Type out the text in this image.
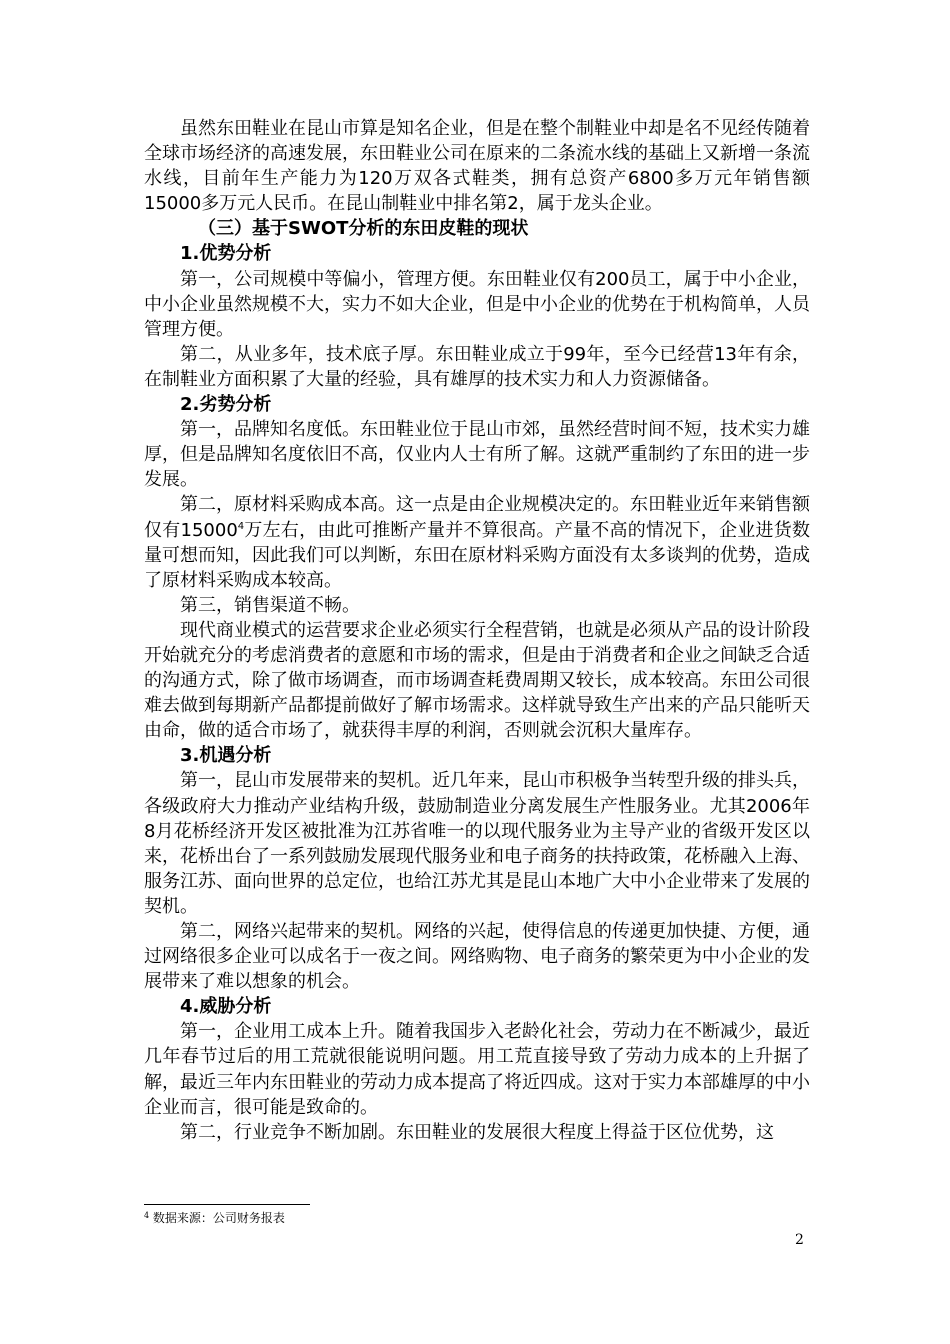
虽然东田鞋业在昆山市算是知名企业，但是在整个制鞋业中却是名不见经传随着全球市场经济的高速发展，东田鞋业公司在原来的二条流水线的基础上又新增一条流水线，目前年生产能力为120万双各式鞋类，拥有总资产6800多万元年销售额15000多万元人民币。在昆山制鞋业中排名第2，属于龙头企业。

（三）基于SWOT分析的东田皮鞋的现状

1.优势分析

第一，公司规模中等偏小，管理方便。东田鞋业仅有200员工，属于中小企业，中小企业虽然规模不大，实力不如大企业，但是中小企业的优势在于机构简单，人员管理方便。

第二，从业多年，技术底子厚。东田鞋业成立于99年，至今已经营13年有余，在制鞋业方面积累了大量的经验，具有雄厚的技术实力和人力资源储备。

2.劣势分析

第一，品牌知名度低。东田鞋业位于昆山市郊，虽然经营时间不短，技术实力雄厚，但是品牌知名度依旧不高，仅业内人士有所了解。这就严重制约了东田的进一步发展。

第二，原材料采购成本高。这一点是由企业规模决定的。东田鞋业近年来销售额仅有15000$^4$万左右，由此可推断产量并不算很高。产量不高的情况下，企业进货数量可想而知，因此我们可以判断，东田在原材料采购方面没有太多谈判的优势，造成了原材料采购成本较高。

第三，销售渠道不畅。

现代商业模式的运营要求企业必须实行全程营销，也就是必须从产品的设计阶段开始就充分的考虑消费者的意愿和市场的需求，但是由于消费者和企业之间缺乏合适的沟通方式，除了做市场调查，而市场调查耗费周期又较长，成本较高。东田公司很难去做到每期新产品都提前做好了解市场需求。这样就导致生产出来的产品只能听天由命，做的适合市场了，就获得丰厚的利润，否则就会沉积大量库存。

3.机遇分析

第一，昆山市发展带来的契机。近几年来，昆山市积极争当转型升级的排头兵，各级政府大力推动产业结构升级，鼓励制造业分离发展生产性服务业。尤其2006年8月花桥经济开发区被批准为江苏省唯一的以现代服务业为主导产业的省级开发区以来，花桥出台了一系列鼓励发展现代服务业和电子商务的扶持政策，花桥融入上海、服务江苏、面向世界的总定位，也给江苏尤其是昆山本地广大中小企业带来了发展的契机。

第二，网络兴起带来的契机。网络的兴起，使得信息的传递更加快捷、方便，通过网络很多企业可以成名于一夜之间。网络购物、电子商务的繁荣更为中小企业的发展带来了难以想象的机会。

4.威胁分析

第一，企业用工成本上升。随着我国步入老龄化社会，劳动力在不断减少，最近几年春节过后的用工荒就很能说明问题。用工荒直接导致了劳动力成本的上升据了解，最近三年内东田鞋业的劳动力成本提高了将近四成。这对于实力本部雄厚的中小企业而言，很可能是致命的。

第二，行业竞争不断加剧。东田鞋业的发展很大程度上得益于区位优势，这

$^4$ 数据来源：公司财务报表
2
